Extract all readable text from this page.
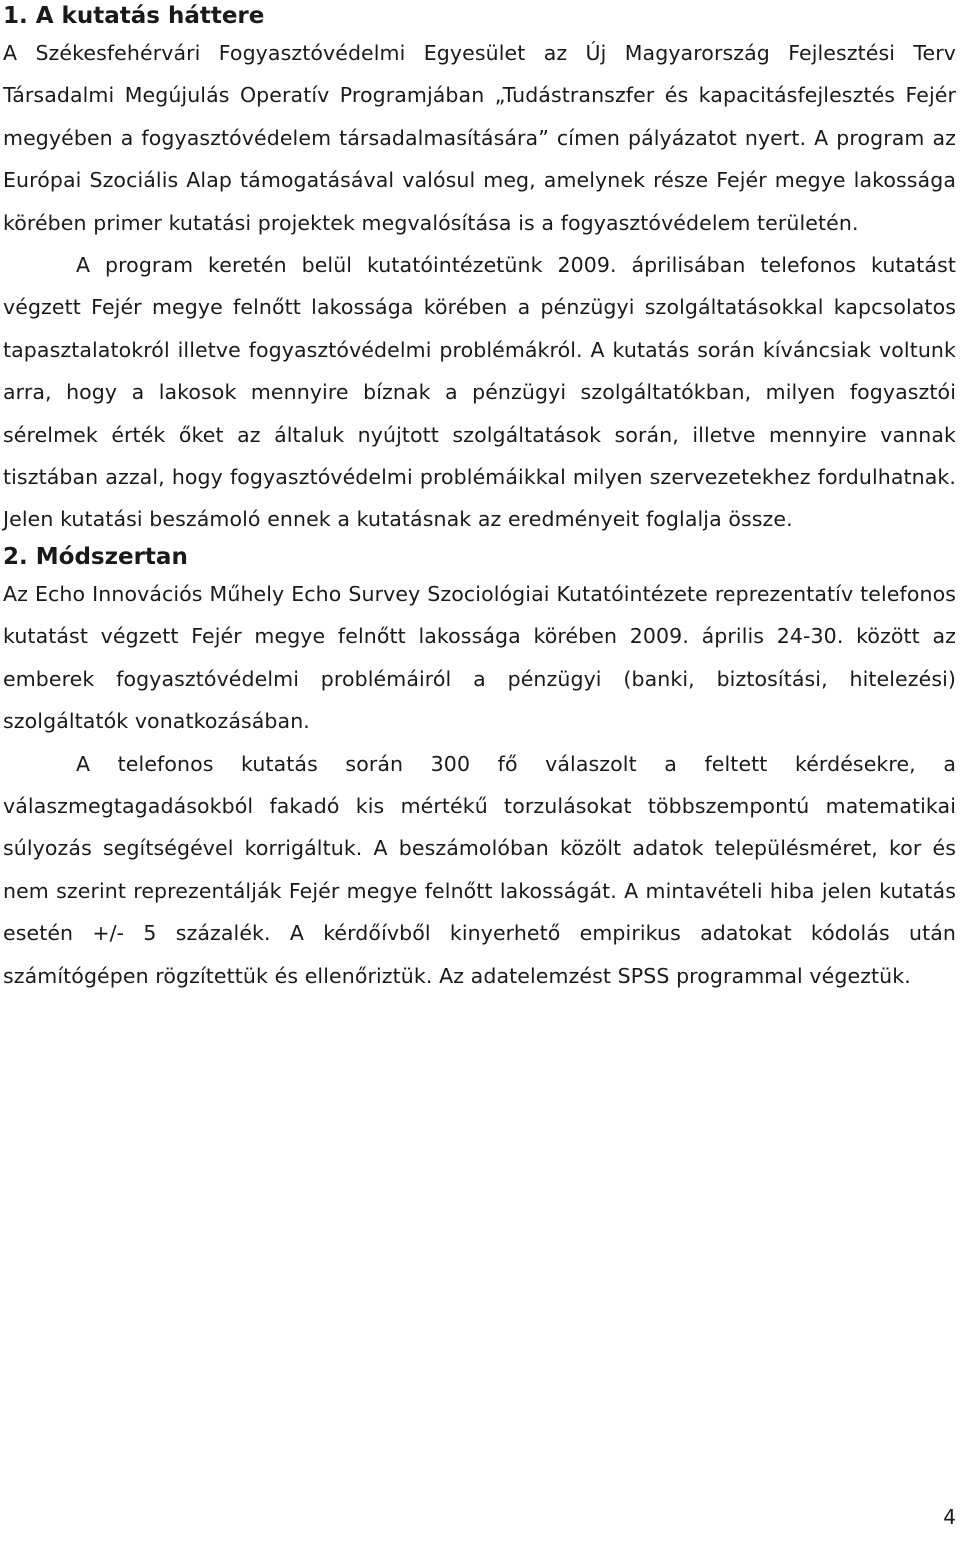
1. A kutatás háttere

A Székesfehérvári Fogyasztóvédelmi Egyesület az Új Magyarország Fejlesztési Terv Társadalmi Megújulás Operatív Programjában „Tudástranszfer és kapacitásfejlesztés Fejér megyében a fogyasztóvédelem társadalmasítására” címen pályázatot nyert. A program az Európai Szociális Alap támogatásával valósul meg, amelynek része Fejér megye lakossága körében primer kutatási projektek megvalósítása is a fogyasztóvédelem területén.

A program keretén belül kutatóintézetünk 2009. áprilisában telefonos kutatást végzett Fejér megye felnőtt lakossága körében a pénzügyi szolgáltatásokkal kapcsolatos tapasztalatokról illetve fogyasztóvédelmi problémákról. A kutatás során kíváncsiak voltunk arra, hogy a lakosok mennyire bíznak a pénzügyi szolgáltatókban, milyen fogyasztói sérelmek érték őket az általuk nyújtott szolgáltatások során, illetve mennyire vannak tisztában azzal, hogy fogyasztóvédelmi problémáikkal milyen szervezetekhez fordulhatnak. Jelen kutatási beszámoló ennek a kutatásnak az eredményeit foglalja össze.

2. Módszertan

Az Echo Innovációs Műhely Echo Survey Szociológiai Kutatóintézete reprezentatív telefonos kutatást végzett Fejér megye felnőtt lakossága körében 2009. április 24-30. között az emberek fogyasztóvédelmi problémáiról a pénzügyi (banki, biztosítási, hitelezési) szolgáltatók vonatkozásában.

A telefonos kutatás során 300 fő válaszolt a feltett kérdésekre, a válaszmegtagadásokból fakadó kis mértékű torzulásokat többszempontú matematikai súlyozás segítségével korrigáltuk. A beszámolóban közölt adatok településméret, kor és nem szerint reprezentálják Fejér megye felnőtt lakosságát. A mintavételi hiba jelen kutatás esetén +/- 5 százalék. A kérdőívből kinyerhető empirikus adatokat kódolás után számítógépen rögzítettük és ellenőriztük. Az adatelemzést SPSS programmal végeztük.

4
